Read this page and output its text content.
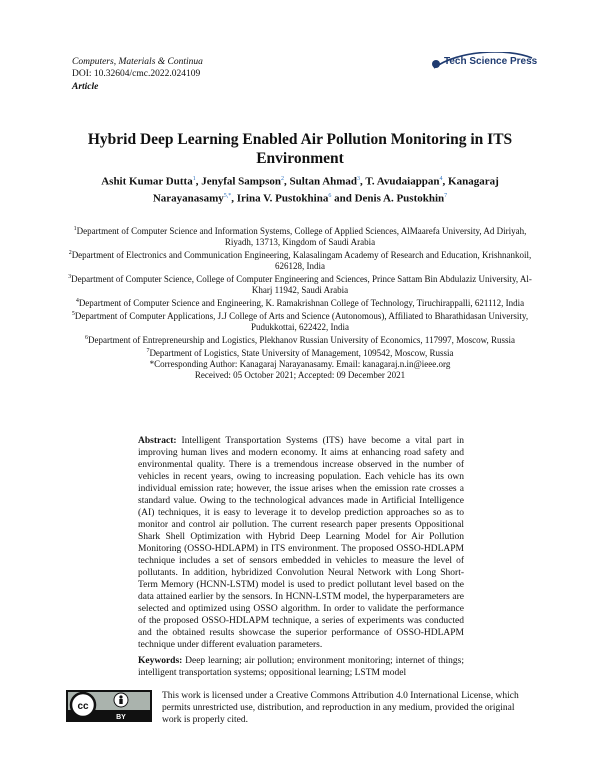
Computers, Materials & Continua
DOI: 10.32604/cmc.2022.024109
Article
Tech Science Press
Hybrid Deep Learning Enabled Air Pollution Monitoring in ITS Environment
Ashit Kumar Dutta$^1$, Jenyfal Sampson$^2$, Sultan Ahmad$^3$, T. Avudaiappan$^4$, Kanagaraj Narayanasamy$^{5,*}$, Irina V. Pustokhina$^6$ and Denis A. Pustokhin$^7$
$^1$Department of Computer Science and Information Systems, College of Applied Sciences, AlMaarefa University, Ad Diriyah, Riyadh, 13713, Kingdom of Saudi Arabia
$^2$Department of Electronics and Communication Engineering, Kalasalingam Academy of Research and Education, Krishnankoil, 626128, India
$^3$Department of Computer Science, College of Computer Engineering and Sciences, Prince Sattam Bin Abdulaziz University, Al-Kharj 11942, Saudi Arabia
$^4$Department of Computer Science and Engineering, K. Ramakrishnan College of Technology, Tiruchirappalli, 621112, India
$^5$Department of Computer Applications, J.J College of Arts and Science (Autonomous), Affiliated to Bharathidasan University, Pudukkottai, 622422, India
$^6$Department of Entrepreneurship and Logistics, Plekhanov Russian University of Economics, 117997, Moscow, Russia
$^7$Department of Logistics, State University of Management, 109542, Moscow, Russia
*Corresponding Author: Kanagaraj Narayanasamy. Email: kanagaraj.n.in@ieee.org
Received: 05 October 2021; Accepted: 09 December 2021
Abstract: Intelligent Transportation Systems (ITS) have become a vital part in improving human lives and modern economy. It aims at enhancing road safety and environmental quality. There is a tremendous increase observed in the number of vehicles in recent years, owing to increasing population. Each vehicle has its own individual emission rate; however, the issue arises when the emission rate crosses a standard value. Owing to the technological advances made in Artificial Intelligence (AI) techniques, it is easy to leverage it to develop prediction approaches so as to monitor and control air pollution. The current research paper presents Oppositional Shark Shell Optimization with Hybrid Deep Learning Model for Air Pollution Monitoring (OSSO-HDLAPM) in ITS environment. The proposed OSSO-HDLAPM technique includes a set of sensors embedded in vehicles to measure the level of pollutants. In addition, hybridized Convolution Neural Network with Long Short-Term Memory (HCNN-LSTM) model is used to predict pollutant level based on the data attained earlier by the sensors. In HCNN-LSTM model, the hyperparameters are selected and optimized using OSSO algorithm. In order to validate the performance of the proposed OSSO-HDLAPM technique, a series of experiments was conducted and the obtained results showcase the superior performance of OSSO-HDLAPM technique under different evaluation parameters.
Keywords: Deep learning; air pollution; environment monitoring; internet of things; intelligent transportation systems; oppositional learning; LSTM model
cc
BY
This work is licensed under a Creative Commons Attribution 4.0 International License, which permits unrestricted use, distribution, and reproduction in any medium, provided the original work is properly cited.
